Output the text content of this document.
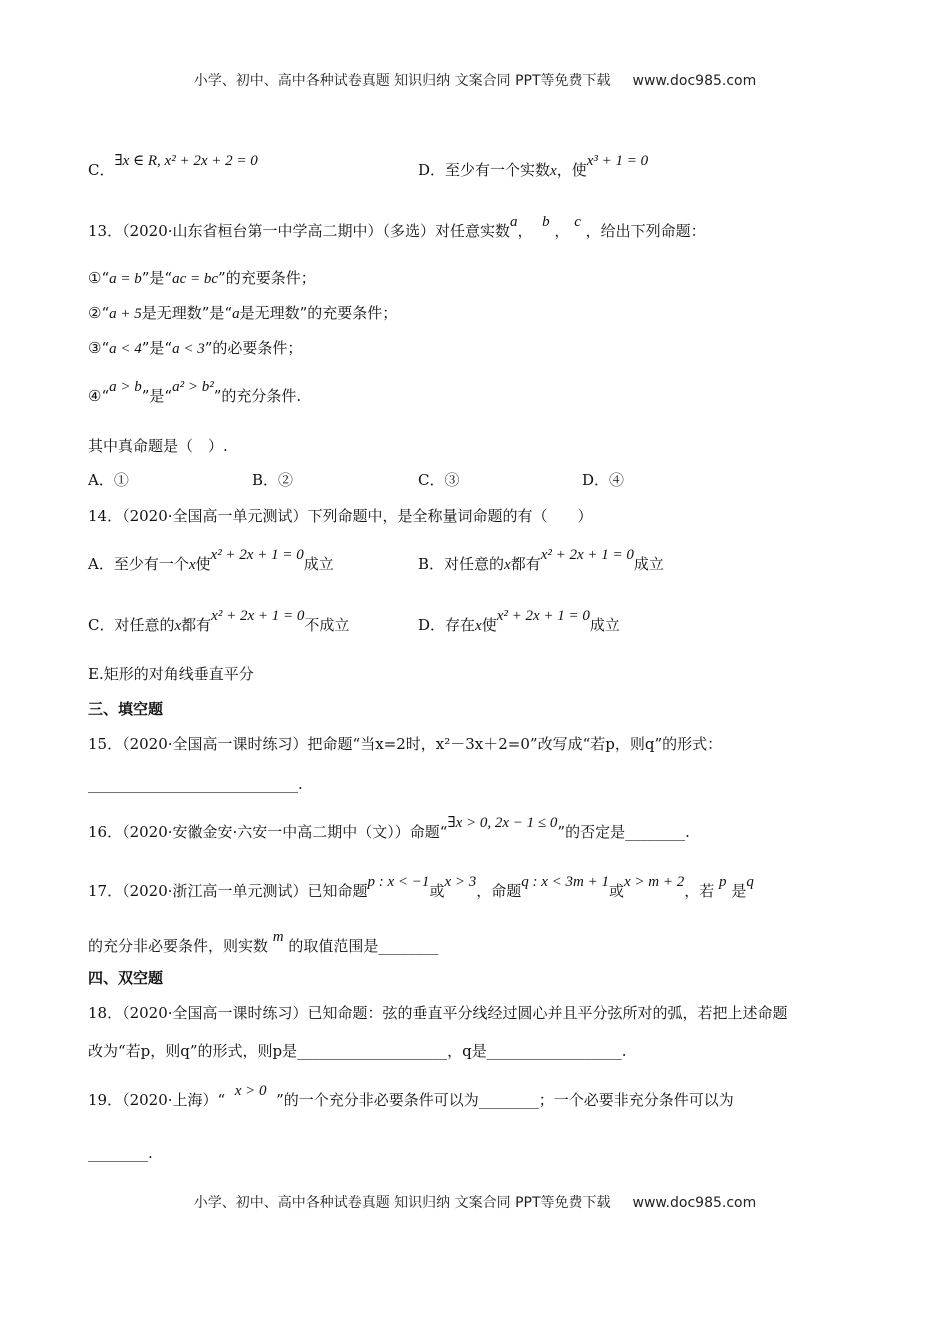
小学、初中、高中各种试卷真题 知识归纳 文案合同 PPT等免费下载 www.doc985.com
C．∃x ∈ R, x² + 2x + 2 = 0	D．至少有一个实数x，使x³ + 1 = 0
13．（2020·山东省桓台第一中学高二期中）（多选）对任意实数a， b ， c ，给出下列命题：
①“a = b”是“ac = bc”的充要条件；
②“a + 5是无理数”是“a是无理数”的充要条件；
③“a < 4”是“a < 3”的必要条件；
④“a > b”是“a² > b²”的充分条件.
其中真命题是（　）.
A．①	B．②	C．③	D．④
14．（2020·全国高一单元测试）下列命题中，是全称量词命题的有（　　）
A．至少有一个x使x² + 2x + 1 = 0成立	B．对任意的x都有x² + 2x + 1 = 0成立
C．对任意的x都有x² + 2x + 1 = 0不成立	D．存在x使x² + 2x + 1 = 0成立
E.矩形的对角线垂直平分
三、填空题
15．（2020·全国高一课时练习）把命题“当x=2时，x²－3x＋2=0”改写成“若p，则q”的形式：
____________________________.
16．（2020·安徽金安·六安一中高二期中（文））命题“∃x > 0, 2x − 1 ≤ 0”的否定是________.
17．（2020·浙江高一单元测试）已知命题p : x < −1或x > 3，命题q : x < 3m + 1或x > m + 2，若 p 是q
的充分非必要条件，则实数 m 的取值范围是________
四、双空题
18．（2020·全国高一课时练习）已知命题：弦的垂直平分线经过圆心并且平分弦所对的弧，若把上述命题
改为“若p，则q”的形式，则p是____________________，q是__________________.
19．（2020·上海）“ x > 0 ”的一个充分非必要条件可以为________；一个必要非充分条件可以为
________.
小学、初中、高中各种试卷真题 知识归纳 文案合同 PPT等免费下载 www.doc985.com
